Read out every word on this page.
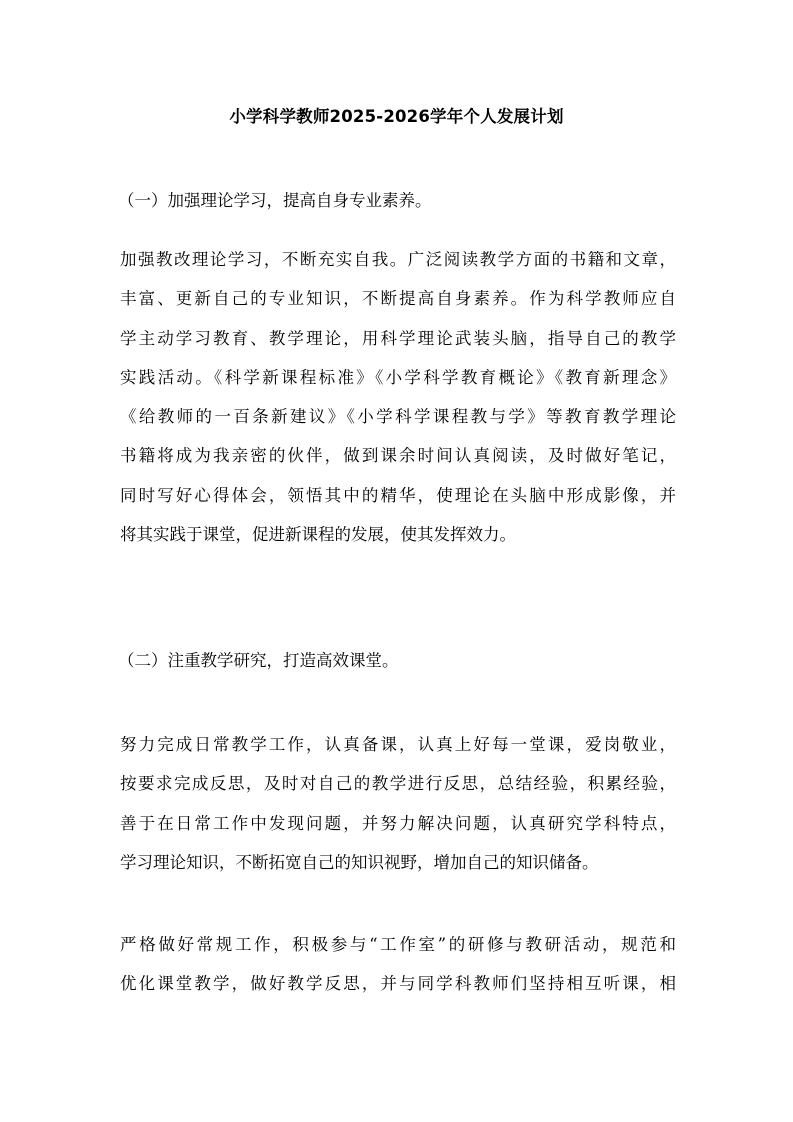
小学科学教师2025-2026学年个人发展计划
（一）加强理论学习，提高自身专业素养。
加强教改理论学习，不断充实自我。广泛阅读教学方面的书籍和文章，
丰富、更新自己的专业知识，不断提高自身素养。作为科学教师应自
学主动学习教育、教学理论，用科学理论武装头脑，指导自己的教学
实践活动。《科学新课程标准》《小学科学教育概论》《教育新理念》
《给教师的一百条新建议》《小学科学课程教与学》等教育教学理论
书籍将成为我亲密的伙伴，做到课余时间认真阅读，及时做好笔记，
同时写好心得体会，领悟其中的精华，使理论在头脑中形成影像，并
将其实践于课堂，促进新课程的发展，使其发挥效力。
（二）注重教学研究，打造高效课堂。
努力完成日常教学工作，认真备课，认真上好每一堂课，爱岗敬业，
按要求完成反思，及时对自己的教学进行反思，总结经验，积累经验，
善于在日常工作中发现问题，并努力解决问题，认真研究学科特点，
学习理论知识，不断拓宽自己的知识视野，增加自己的知识储备。
严格做好常规工作，积极参与“工作室”的研修与教研活动，规范和
优化课堂教学，做好教学反思，并与同学科教师们坚持相互听课，相
